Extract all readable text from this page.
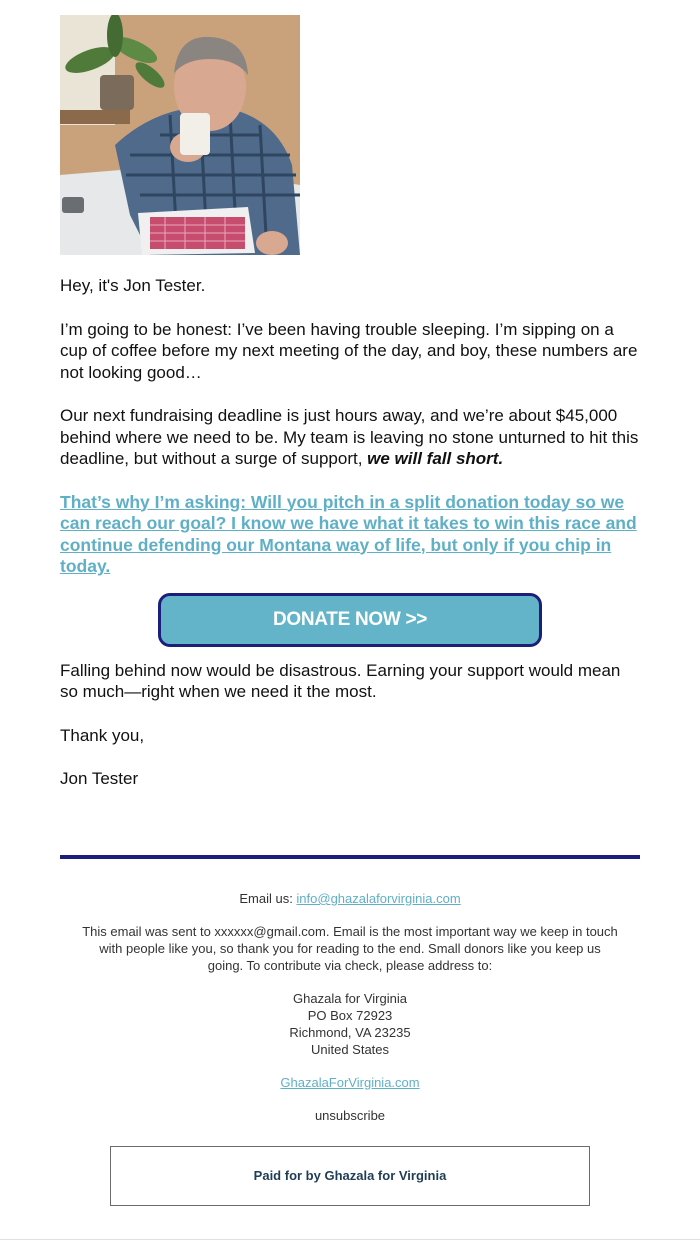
Hey, it's Jon Tester.

I’m going to be honest: I’ve been having trouble sleeping. I’m sipping on a cup of coffee before my next meeting of the day, and boy, these numbers are not looking good…

Our next fundraising deadline is just hours away, and we’re about $45,000 behind where we need to be. My team is leaving no stone unturned to hit this deadline, but without a surge of support, we will fall short.

That’s why I’m asking: Will you pitch in a split donation today so we can reach our goal? I know we have what it takes to win this race and continue defending our Montana way of life, but only if you chip in today.
DONATE NOW >>

Falling behind now would be disastrous. Earning your support would mean so much—right when we need it the most.

Thank you,

Jon Tester

Email us: info@ghazalaforvirginia.com

This email was sent to xxxxxx@gmail.com. Email is the most important way we keep in touch with people like you, so thank you for reading to the end. Small donors like you keep us going. To contribute via check, please address to:

Ghazala for Virginia

PO Box 72923

Richmond, VA 23235

United States

GhazalaForVirginia.com

unsubscribe

Paid for by Ghazala for Virginia
